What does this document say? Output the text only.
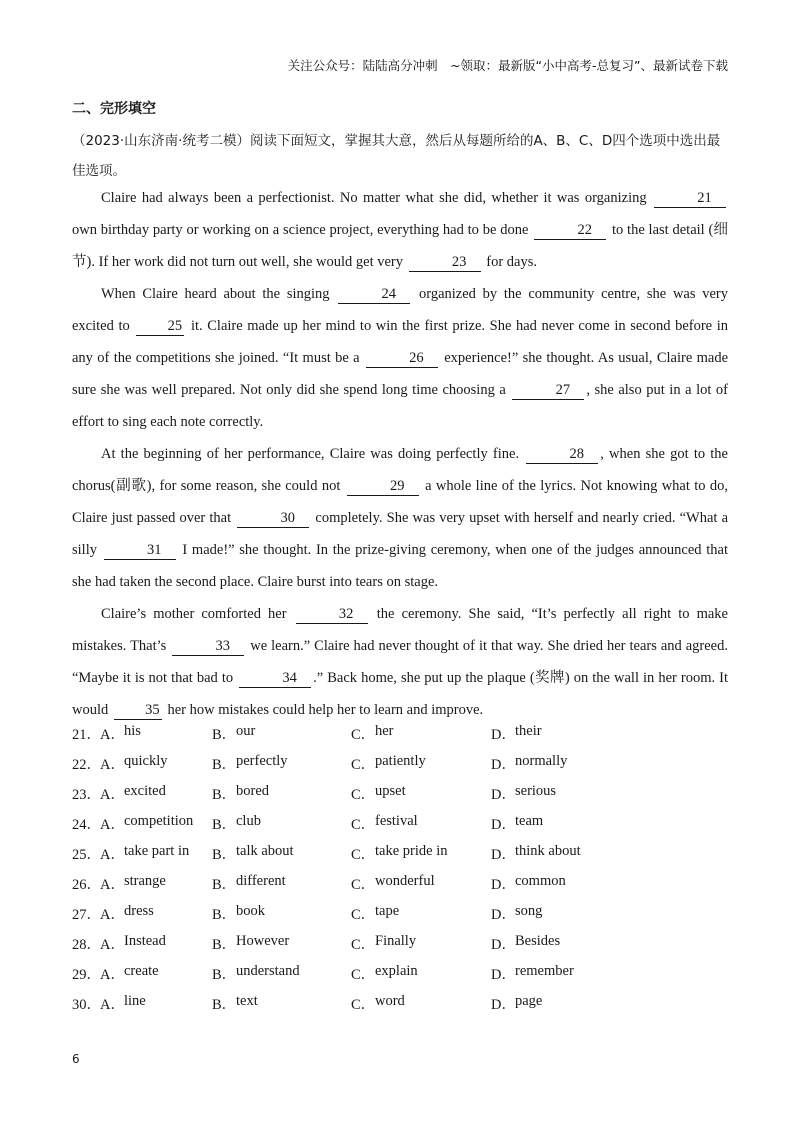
关注公众号：陆陆高分冲刺　~领取：最新版“小中高考-总复习”、最新试卷下载
二、完形填空
（2023·山东济南·统考二模）阅读下面短文，掌握其大意，然后从每题所给的A、B、C、D四个选项中选出最佳选项。

Claire had always been a perfectionist. No matter what she did, whether it was organizing	21 own birthday party or working on a science project, everything had to be done	22 to the last detail (细节). If her work did not turn out well, she would get very	23 for days.

When Claire heard about the singing	24 organized by the community centre, she was very excited to 25 it. Claire made up her mind to win the first prize. She had never come in second before in any of the competitions she joined. “It must be a	26 experience!” she thought. As usual, Claire made sure she was well prepared. Not only did she spend long time choosing a	27 , she also put in a lot of effort to sing each note correctly.

At the beginning of her performance, Claire was doing perfectly fine.	28 , when she got to the chorus(副歌), for some reason, she could not	29 a whole line of the lyrics. Not knowing what to do, Claire just passed over that	30 completely. She was very upset with herself and nearly cried. “What a silly	31 I made!” she thought. In the prize-giving ceremony, when one of the judges announced that she had taken the second place. Claire burst into tears on stage.

Claire’s mother comforted her	32 the ceremony. She said, “It’s perfectly all right to make mistakes. That’s	33 we learn.” Claire had never thought of it that way. She dried her tears and agreed. “Maybe it is not that bad to	34 .” Back home, she put up the plaque (奖牌) on the wall in her room. It would 35 her how mistakes could help her to learn and improve.

21． A． his	B． our	C． her	D． their
22． A． quickly	B． perfectly	C． patiently	D． normally
23． A． excited	B． bored	C． upset	D． serious
24． A． competition B． club	C． festival	D． team
25． A． take part in B． talk about	C． take pride in	D． think about
26． A． strange	B． different	C． wonderful	D． common
27． A． dress	B． book	C． tape	D． song
28． A． Instead	B． However	C． Finally	D． Besides
29． A． create	B． understand	C． explain	D． remember
30． A． line	B． text	C． word	D． page
6
